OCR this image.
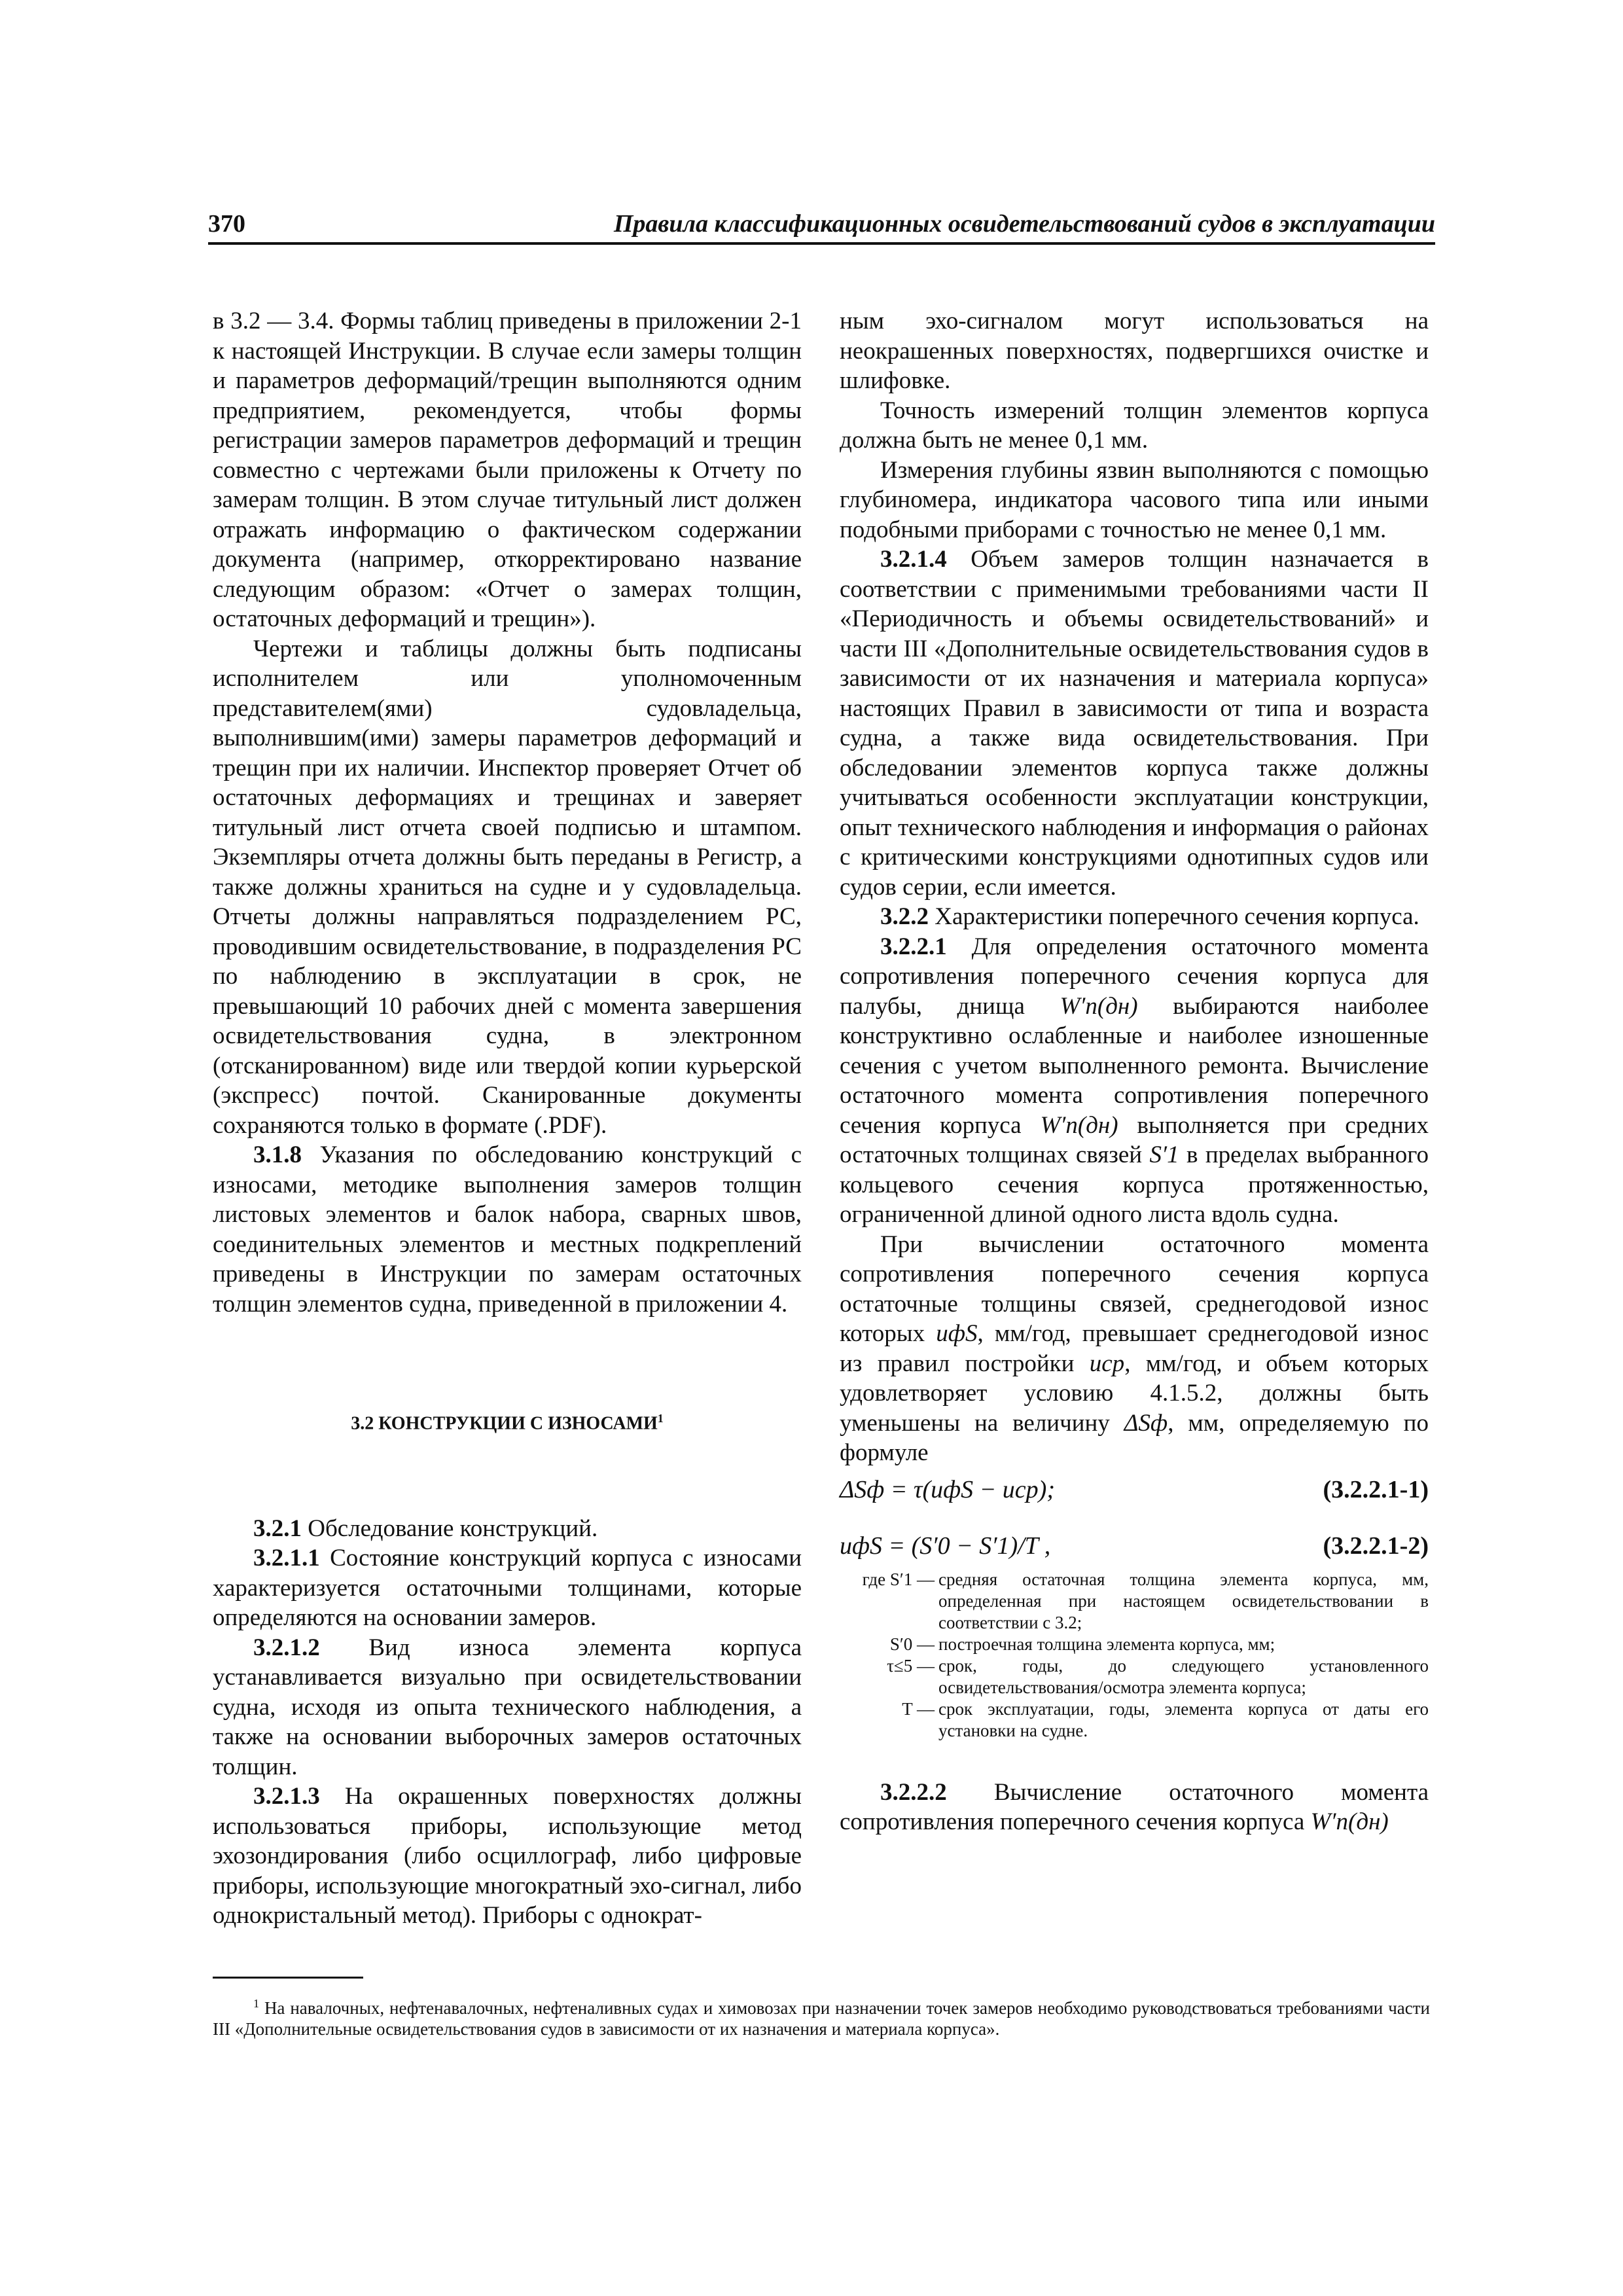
370	Правила классификационных освидетельствований судов в эксплуатации

в 3.2 — 3.4. Формы таблиц приведены в приложении 2-1 к настоящей Инструкции. В случае если замеры толщин и параметров деформаций/трещин выполняются одним предприятием, рекомендуется, чтобы формы регистрации замеров параметров деформаций и трещин совместно с чертежами были приложены к Отчету по замерам толщин. В этом случае титульный лист должен отражать информацию о фактическом содержании документа (например, откорректировано название следующим образом: «Отчет о замерах толщин, остаточных деформаций и трещин»).

Чертежи и таблицы должны быть подписаны исполнителем или уполномоченным представителем(ями) судовладельца, выполнившим(ими) замеры параметров деформаций и трещин при их наличии. Инспектор проверяет Отчет об остаточных деформациях и трещинах и заверяет титульный лист отчета своей подписью и штампом. Экземпляры отчета должны быть переданы в Регистр, а также должны храниться на судне и у судовладельца. Отчеты должны направляться подразделением РС, проводившим освидетельствование, в подразделения РС по наблюдению в эксплуатации в срок, не превышающий 10 рабочих дней с момента завершения освидетельствования судна, в электронном (отсканированном) виде или твердой копии курьерской (экспресс) почтой. Сканированные документы сохраняются только в формате (.PDF).

3.1.8 Указания по обследованию конструкций с износами, методике выполнения замеров толщин листовых элементов и балок набора, сварных швов, соединительных элементов и местных подкреплений приведены в Инструкции по замерам остаточных толщин элементов судна, приведенной в приложении 4.

3.2 КОНСТРУКЦИИ С ИЗНОСАМИ$^1$

3.2.1 Обследование конструкций.

3.2.1.1 Состояние конструкций корпуса с износами характеризуется остаточными толщинами, которые определяются на основании замеров.

3.2.1.2 Вид износа элемента корпуса устанавливается визуально при освидетельствовании судна, исходя из опыта технического наблюдения, а также на основании выборочных замеров остаточных толщин.

3.2.1.3 На окрашенных поверхностях должны использоваться приборы, использующие метод эхозондирования (либо осциллограф, либо цифровые приборы, использующие многократный эхо-сигнал, либо однокристальный метод). Приборы с однократ-

ным эхо-сигналом могут использоваться на неокрашенных поверхностях, подвергшихся очистке и шлифовке.

Точность измерений толщин элементов корпуса должна быть не менее 0,1 мм.

Измерения глубины язвин выполняются с помощью глубиномера, индикатора часового типа или иными подобными приборами с точностью не менее 0,1 мм.

3.2.1.4 Объем замеров толщин назначается в соответствии с применимыми требованиями части II «Периодичность и объемы освидетельствований» и части III «Дополнительные освидетельствования судов в зависимости от их назначения и материала корпуса» настоящих Правил в зависимости от типа и возраста судна, а также вида освидетельствования. При обследовании элементов корпуса также должны учитываться особенности эксплуатации конструкции, опыт технического наблюдения и информация о районах с критическими конструкциями однотипных судов или судов серии, если имеется.

3.2.2 Характеристики поперечного сечения корпуса.

3.2.2.1 Для определения остаточного момента сопротивления поперечного сечения корпуса для палубы, днища W′п(дн) выбираются наиболее конструктивно ослабленные и наиболее изношенные сечения с учетом выполненного ремонта. Вычисление остаточного момента сопротивления поперечного сечения корпуса W′п(дн) выполняется при средних остаточных толщинах связей S′1 в пределах выбранного кольцевого сечения корпуса протяженностью, ограниченной длиной одного листа вдоль судна.

При вычислении остаточного момента сопротивления поперечного сечения корпуса остаточные толщины связей, среднегодовой износ которых uфS, мм/год, превышает среднегодовой износ из правил постройки uср, мм/год, и объем которых удовлетворяет условию 4.1.5.2, должны быть уменьшены на величину ΔSф, мм, определяемую по формуле

ΔSф = τ(uфS − uср);	(3.2.2.1-1)
uфS = (S′0 − S′1)/T ,	(3.2.2.1-2)
где S′1 — средняя остаточная толщина элемента корпуса, мм, определенная при настоящем освидетельствовании в соответствии с 3.2;
S′0 — построечная толщина элемента корпуса, мм;
τ≤5 — срок, годы, до следующего установленного освидетельствования/осмотра элемента корпуса;
T — срок эксплуатации, годы, элемента корпуса от даты его установки на судне.

3.2.2.2 Вычисление остаточного момента сопротивления поперечного сечения корпуса W′п(дн)

$^1$ На навалочных, нефтенавалочных, нефтеналивных судах и химовозах при назначении точек замеров необходимо руководствоваться требованиями части III «Дополнительные освидетельствования судов в зависимости от их назначения и материала корпуса».
